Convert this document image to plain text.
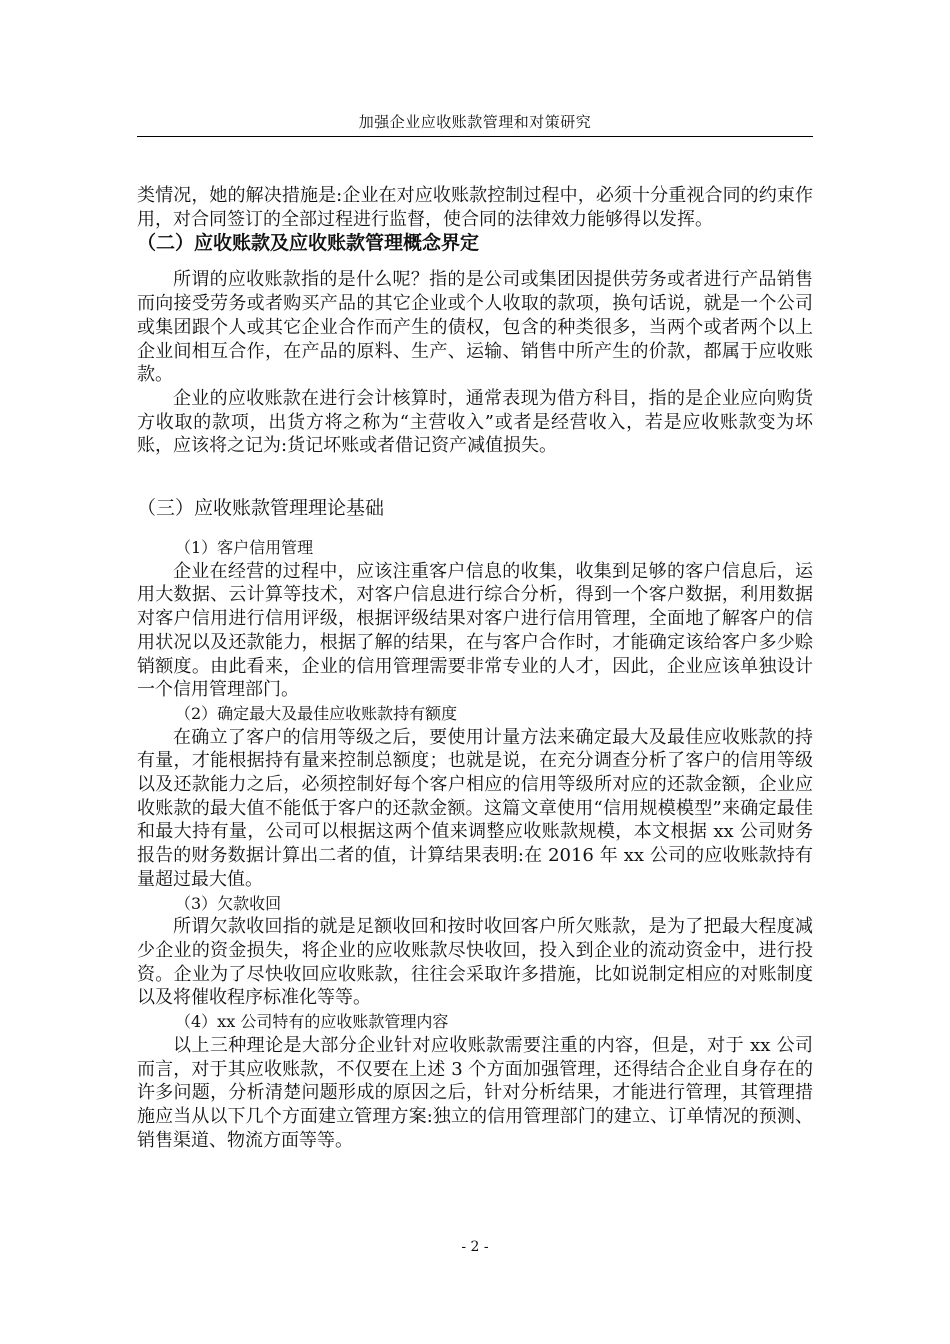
加强企业应收账款管理和对策研究

类情况，她的解决措施是:企业在对应收账款控制过程中，必须十分重视合同的约束作用，对合同签订的全部过程进行监督，使合同的法律效力能够得以发挥。

（二）应收账款及应收账款管理概念界定

所谓的应收账款指的是什么呢？指的是公司或集团因提供劳务或者进行产品销售而向接受劳务或者购买产品的其它企业或个人收取的款项，换句话说，就是一个公司或集团跟个人或其它企业合作而产生的债权，包含的种类很多，当两个或者两个以上企业间相互合作，在产品的原料、生产、运输、销售中所产生的价款，都属于应收账款。

企业的应收账款在进行会计核算时，通常表现为借方科目，指的是企业应向购货方收取的款项，出货方将之称为“主营收入”或者是经营收入，若是应收账款变为坏账，应该将之记为:货记坏账或者借记资产减值损失。

（三）应收账款管理理论基础
（1）客户信用管理

企业在经营的过程中，应该注重客户信息的收集，收集到足够的客户信息后，运用大数据、云计算等技术，对客户信息进行综合分析，得到一个客户数据，利用数据对客户信用进行信用评级，根据评级结果对客户进行信用管理，全面地了解客户的信用状况以及还款能力，根据了解的结果，在与客户合作时，才能确定该给客户多少赊销额度。由此看来，企业的信用管理需要非常专业的人才，因此，企业应该单独设计一个信用管理部门。

（2）确定最大及最佳应收账款持有额度

在确立了客户的信用等级之后，要使用计量方法来确定最大及最佳应收账款的持有量，才能根据持有量来控制总额度；也就是说，在充分调查分析了客户的信用等级以及还款能力之后，必须控制好每个客户相应的信用等级所对应的还款金额，企业应收账款的最大值不能低于客户的还款金额。这篇文章使用“信用规模模型”来确定最佳和最大持有量，公司可以根据这两个值来调整应收账款规模，本文根据 xx 公司财务报告的财务数据计算出二者的值，计算结果表明:在 2016 年 xx 公司的应收账款持有量超过最大值。

（3）欠款收回

所谓欠款收回指的就是足额收回和按时收回客户所欠账款，是为了把最大程度减少企业的资金损失，将企业的应收账款尽快收回，投入到企业的流动资金中，进行投资。企业为了尽快收回应收账款，往往会采取许多措施，比如说制定相应的对账制度以及将催收程序标准化等等。

（4）xx 公司特有的应收账款管理内容

以上三种理论是大部分企业针对应收账款需要注重的内容，但是，对于 xx 公司而言，对于其应收账款，不仅要在上述 3 个方面加强管理，还得结合企业自身存在的许多问题，分析清楚问题形成的原因之后，针对分析结果，才能进行管理，其管理措施应当从以下几个方面建立管理方案:独立的信用管理部门的建立、订单情况的预测、销售渠道、物流方面等等。

- 2 -
